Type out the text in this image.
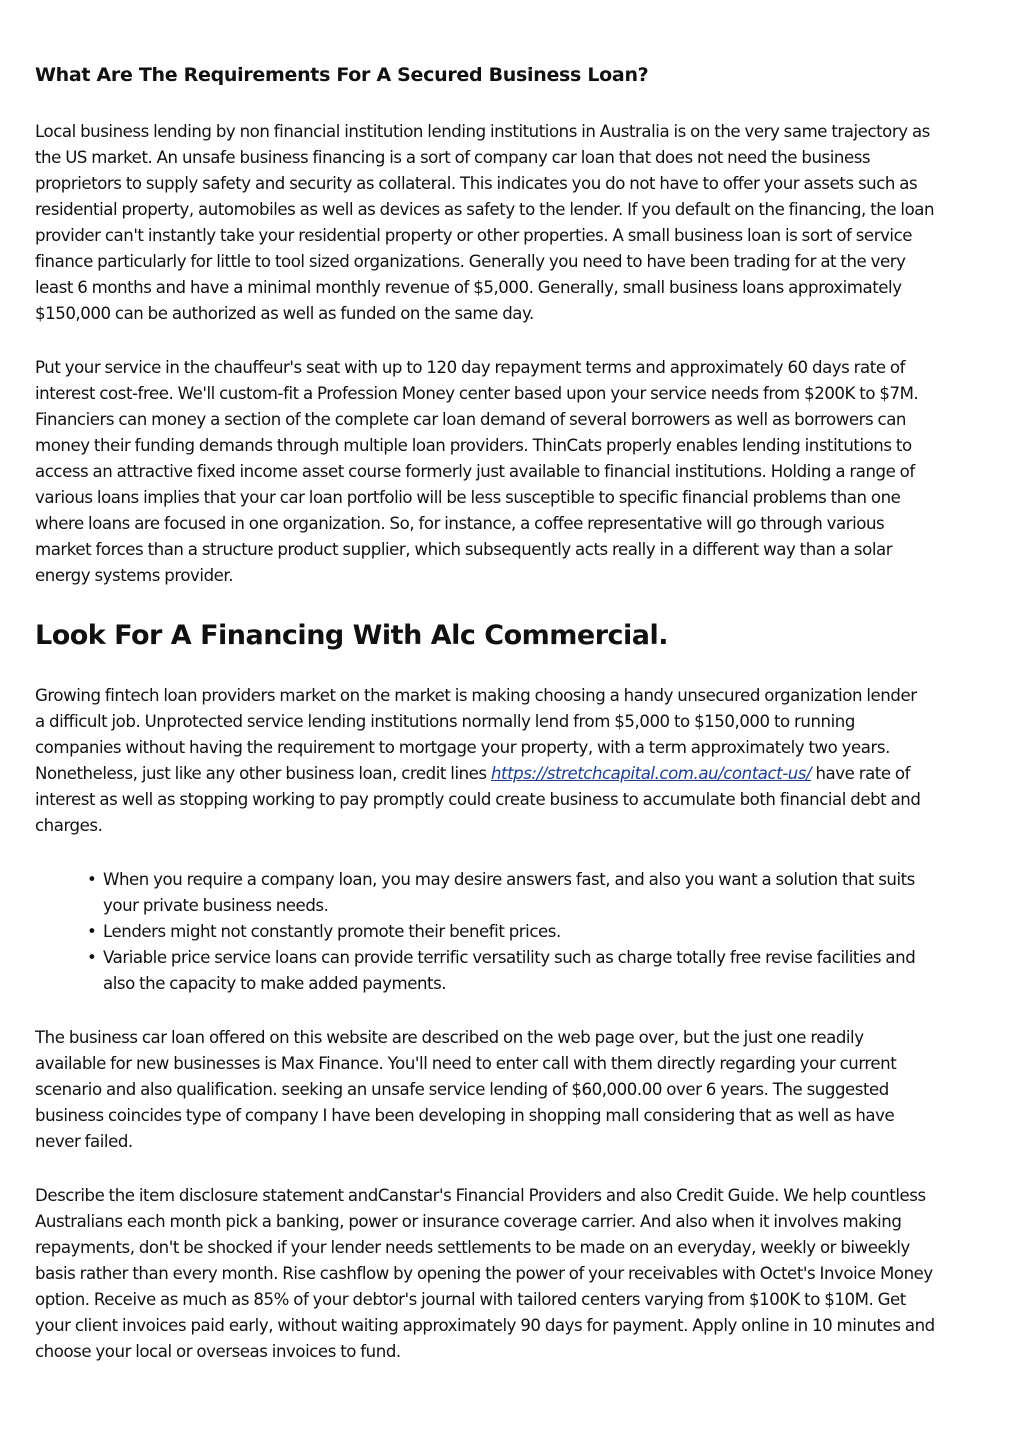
What Are The Requirements For A Secured Business Loan?

Local business lending by non financial institution lending institutions in Australia is on the very same trajectory as
the US market. An unsafe business financing is a sort of company car loan that does not need the business
proprietors to supply safety and security as collateral. This indicates you do not have to offer your assets such as
residential property, automobiles as well as devices as safety to the lender. If you default on the financing, the loan
provider can't instantly take your residential property or other properties. A small business loan is sort of service
finance particularly for little to tool sized organizations. Generally you need to have been trading for at the very
least 6 months and have a minimal monthly revenue of $5,000. Generally, small business loans approximately
$150,000 can be authorized as well as funded on the same day.

Put your service in the chauffeur's seat with up to 120 day repayment terms and approximately 60 days rate of
interest cost-free. We'll custom-fit a Profession Money center based upon your service needs from $200K to $7M.
Financiers can money a section of the complete car loan demand of several borrowers as well as borrowers can
money their funding demands through multiple loan providers. ThinCats properly enables lending institutions to
access an attractive fixed income asset course formerly just available to financial institutions. Holding a range of
various loans implies that your car loan portfolio will be less susceptible to specific financial problems than one
where loans are focused in one organization. So, for instance, a coffee representative will go through various
market forces than a structure product supplier, which subsequently acts really in a different way than a solar
energy systems provider.

Look For A Financing With Alc Commercial.

Growing fintech loan providers market on the market is making choosing a handy unsecured organization lender
a difficult job. Unprotected service lending institutions normally lend from $5,000 to $150,000 to running
companies without having the requirement to mortgage your property, with a term approximately two years.
Nonetheless, just like any other business loan, credit lines https://stretchcapital.com.au/contact-us/ have rate of
interest as well as stopping working to pay promptly could create business to accumulate both financial debt and
charges.

• When you require a company loan, you may desire answers fast, and also you want a solution that suits
your private business needs.
• Lenders might not constantly promote their benefit prices.
• Variable price service loans can provide terrific versatility such as charge totally free revise facilities and
also the capacity to make added payments.

The business car loan offered on this website are described on the web page over, but the just one readily
available for new businesses is Max Finance. You'll need to enter call with them directly regarding your current
scenario and also qualification. seeking an unsafe service lending of $60,000.00 over 6 years. The suggested
business coincides type of company I have been developing in shopping mall considering that as well as have
never failed.

Describe the item disclosure statement andCanstar's Financial Providers and also Credit Guide. We help countless
Australians each month pick a banking, power or insurance coverage carrier. And also when it involves making
repayments, don't be shocked if your lender needs settlements to be made on an everyday, weekly or biweekly
basis rather than every month. Rise cashflow by opening the power of your receivables with Octet's Invoice Money
option. Receive as much as 85% of your debtor's journal with tailored centers varying from $100K to $10M. Get
your client invoices paid early, without waiting approximately 90 days for payment. Apply online in 10 minutes and
choose your local or overseas invoices to fund.
